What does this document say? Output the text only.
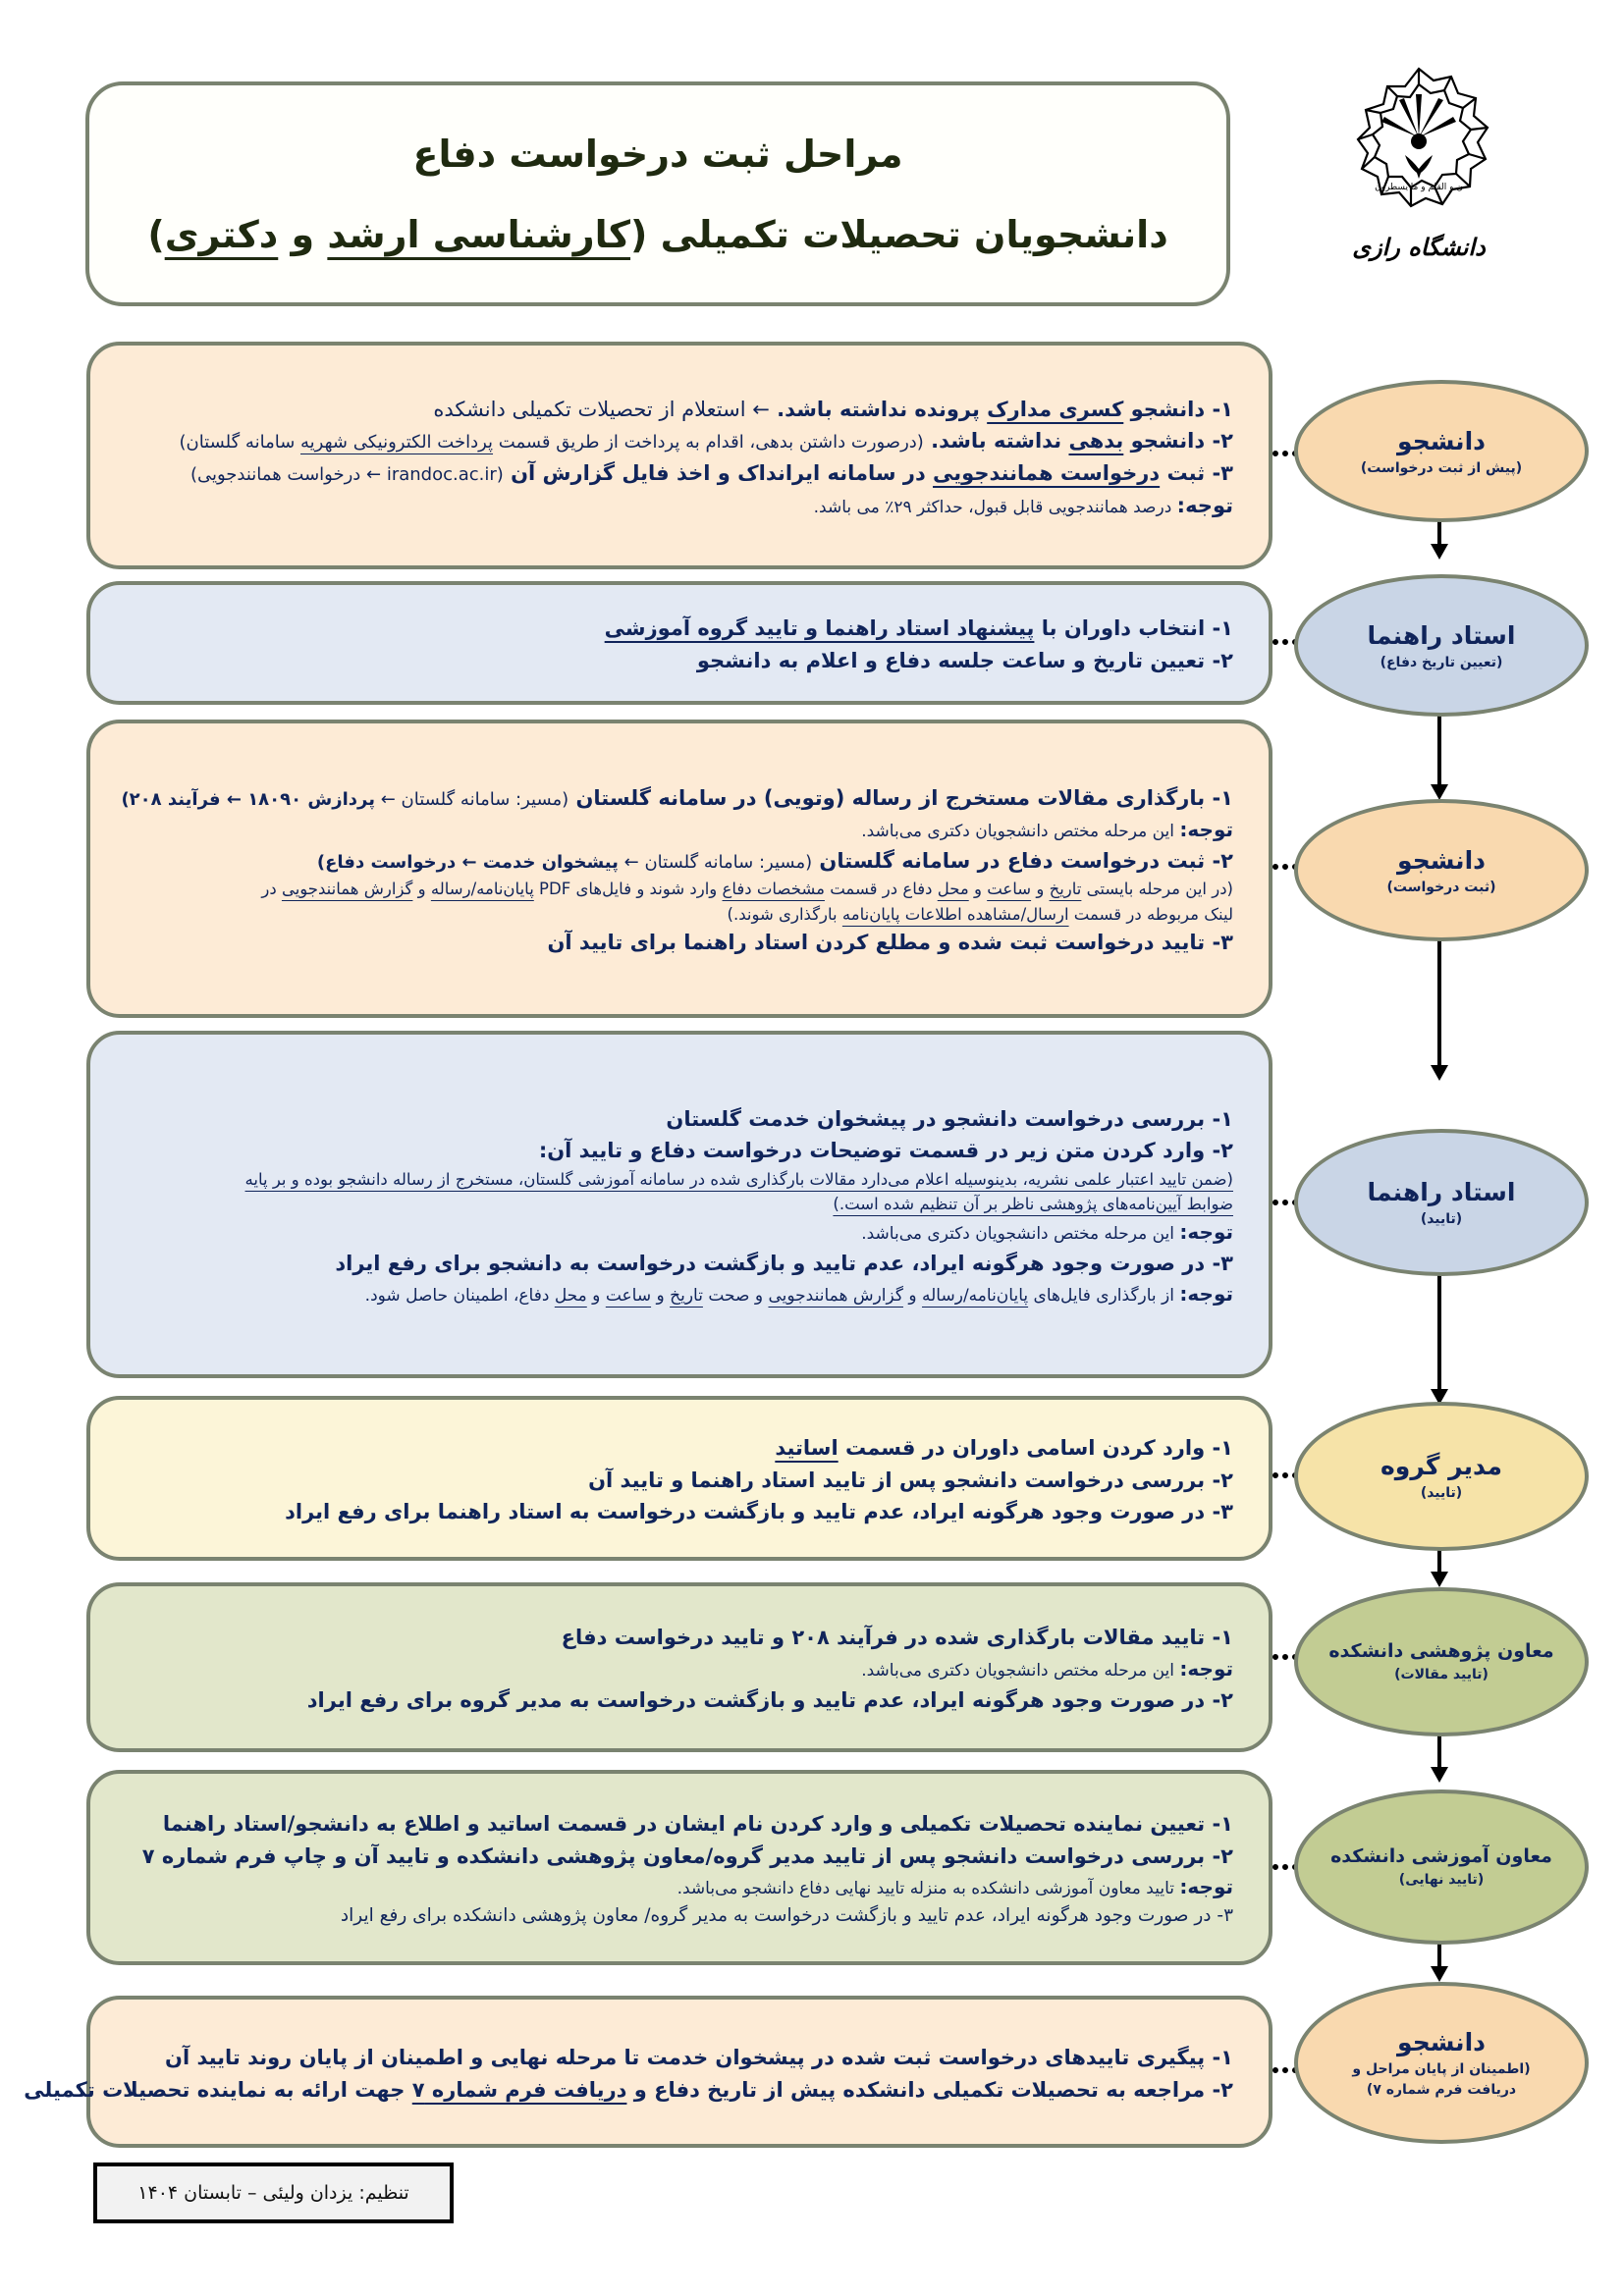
مراحل ثبت درخواست دفاع
دانشجویان تحصیلات تکمیلی (کارشناسی ارشد و دکتری)
ن و القلم و ما یسطرون
دانشگاه رازی
۱- دانشجو کسری مدارک پرونده نداشته باشد. ← استعلام از تحصیلات تکمیلی دانشکده
۲- دانشجو بدهی نداشته باشد. (درصورت داشتن بدهی، اقدام به پرداخت از طریق قسمت پرداخت الکترونیکی شهریه سامانه گلستان)
۳- ثبت درخواست همانندجویی در سامانه ایرانداک و اخذ فایل گزارش آن (irandoc.ac.ir ← درخواست همانندجویی)
توجه: درصد همانندجویی قابل قبول، حداکثر ۲۹٪ می باشد.
۱- انتخاب داوران با پیشنهاد استاد راهنما و تایید گروه آموزشی
۲- تعیین تاریخ و ساعت جلسه دفاع و اعلام به دانشجو
۱- بارگذاری مقالات مستخرج از رساله (وتویی) در سامانه گلستان (مسیر: سامانه گلستان ← پردازش ۱۸۰۹۰ ← فرآیند ۲۰۸)
توجه: این مرحله مختص دانشجویان دکتری می‌باشد.
۲- ثبت درخواست دفاع در سامانه گلستان (مسیر: سامانه گلستان ← پیشخوان خدمت ← درخواست دفاع)
(در این مرحله بایستی تاریخ و ساعت و محل دفاع در قسمت مشخصات دفاع وارد شوند و فایل‌های PDF پایان‌نامه/رساله و گزارش همانندجویی در
لینک مربوطه در قسمت ارسال/مشاهده اطلاعات پایان‌نامه بارگذاری شوند.)
۳- تایید درخواست ثبت شده و مطلع کردن استاد راهنما برای تایید آن
۱- بررسی درخواست دانشجو در پیشخوان خدمت گلستان
۲- وارد کردن متن زیر در قسمت توضیحات درخواست دفاع و تایید آن:
(ضمن تایید اعتبار علمی نشریه، بدینوسیله اعلام می‌دارد مقالات بارگذاری شده در سامانه آموزشی گلستان، مستخرج از رساله دانشجو بوده و بر پایه
ضوابط آیین‌نامه‌های پژوهشی ناظر بر آن تنظیم شده است.)
توجه: این مرحله مختص دانشجویان دکتری می‌باشد.
۳- در صورت وجود هرگونه ایراد، عدم تایید و بازگشت درخواست به دانشجو برای رفع ایراد
توجه: از بارگذاری فایل‌های پایان‌نامه/رساله و گزارش همانندجویی و صحت تاریخ و ساعت و محل دفاع، اطمینان حاصل شود.
۱- وارد کردن اسامی داوران در قسمت اساتید
۲- بررسی درخواست دانشجو پس از تایید استاد راهنما و تایید آن
۳- در صورت وجود هرگونه ایراد، عدم تایید و بازگشت درخواست به استاد راهنما برای رفع ایراد
۱- تایید مقالات بارگذاری شده در فرآیند ۲۰۸ و تایید درخواست دفاع
توجه: این مرحله مختص دانشجویان دکتری می‌باشد.
۲- در صورت وجود هرگونه ایراد، عدم تایید و بازگشت درخواست به مدیر گروه برای رفع ایراد
۱- تعیین نماینده تحصیلات تکمیلی و وارد کردن نام ایشان در قسمت اساتید و اطلاع به دانشجو/استاد راهنما
۲- بررسی درخواست دانشجو پس از تایید مدیر گروه/معاون پژوهشی دانشکده و تایید آن و چاپ فرم شماره ۷
توجه: تایید معاون آموزشی دانشکده به منزله تایید نهایی دفاع دانشجو می‌باشد.
۳- در صورت وجود هرگونه ایراد، عدم تایید و بازگشت درخواست به مدیر گروه/ معاون پژوهشی دانشکده برای رفع ایراد
۱- پیگیری تاییدهای درخواست ثبت شده در پیشخوان خدمت تا مرحله نهایی و اطمینان از پایان روند تایید آن
۲- مراجعه به تحصیلات تکمیلی دانشکده پیش از تاریخ دفاع و دریافت فرم شماره ۷ جهت ارائه به نماینده تحصیلات تکمیلی
دانشجو
(پیش از ثبت درخواست)
استاد راهنما
(تعیین تاریخ دفاع)
دانشجو
(ثبت درخواست)
استاد راهنما
(تایید)
مدیر گروه
(تایید)
معاون پژوهشی دانشکده
(تایید مقالات)
معاون آموزشی دانشکده
(تایید نهایی)
دانشجو
(اطمینان از پایان مراحل و
دریافت فرم شماره ۷)
تنظیم: یزدان ولیئی – تابستان ۱۴۰۴
